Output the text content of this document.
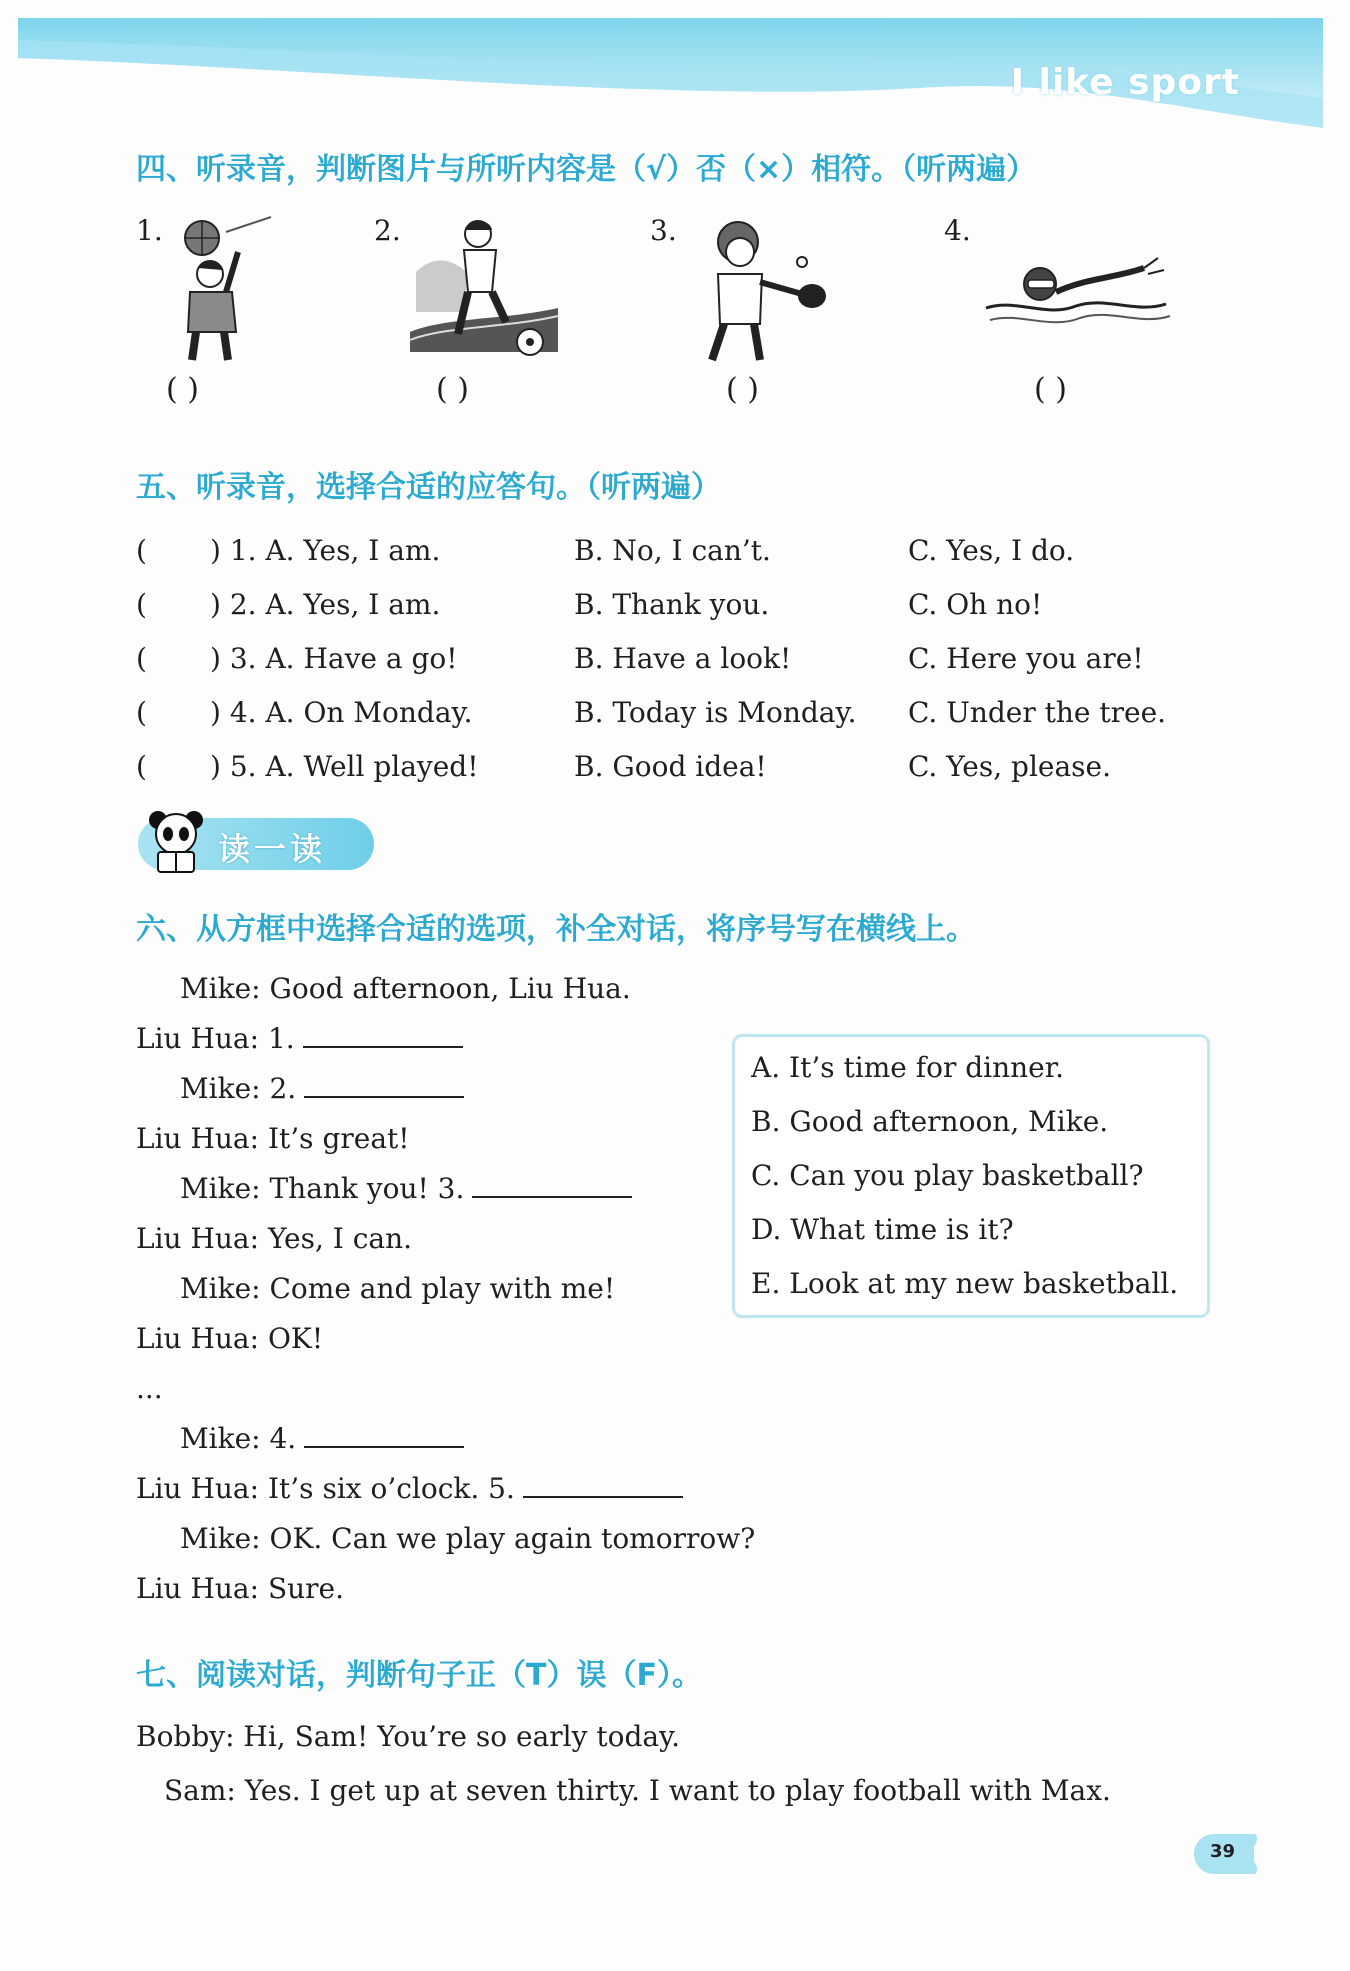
I like sport
四、听录音，判断图片与所听内容是（√）否（×）相符。（听两遍）
1.	2.	3.	4.
( )	( )	( )	( )
五、听录音，选择合适的应答句。（听两遍）
( ) 1. A. Yes, I am.	B. No, I can’t.	C. Yes, I do.
( ) 2. A. Yes, I am.	B. Thank you.	C. Oh no!
( ) 3. A. Have a go!	B. Have a look!	C. Here you are!
( ) 4. A. On Monday.	B. Today is Monday. C. Under the tree.
( ) 5. A. Well played!	B. Good idea!	C. Yes, please.
读一读
六、从方框中选择合适的选项，补全对话，将序号写在横线上。
Mike: Good afternoon, Liu Hua.
Liu Hua: 1.
Mike: 2.
Liu Hua: It’s great!
Mike: Thank you! 3.
Liu Hua: Yes, I can.
Mike: Come and play with me!
Liu Hua: OK!
...
Mike: 4.
Liu Hua: It’s six o’clock. 5.
Mike: OK. Can we play again tomorrow?
Liu Hua: Sure.
A. It’s time for dinner.
B. Good afternoon, Mike.
C. Can you play basketball?
D. What time is it?
E. Look at my new basketball.
七、阅读对话，判断句子正（T）误（F）。
Bobby: Hi, Sam! You’re so early today.
Sam: Yes. I get up at seven thirty. I want to play football with Max.
39
